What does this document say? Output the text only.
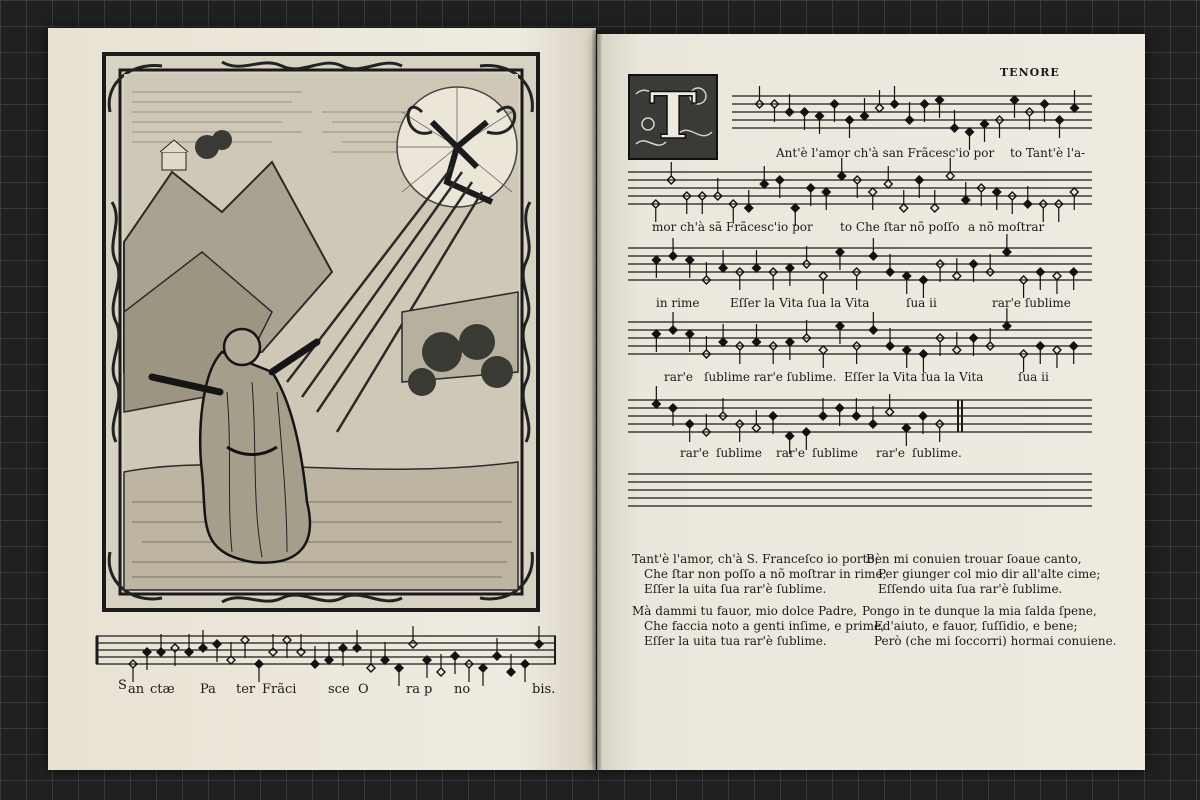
S an ctæ Pa ter Frãci sce O	ra p no	bis.
TENORE
T	Ant'è l'amor ch'à san Frãcesc'io por to Tant'è l'a-
mor ch'à sã Frãcesc'io por to Che ſtar nõ poſſo a nõ moſtrar
in rime	Eſſer la Vita ſua la Vita	ſua ii	rar'e ſublime
rar'e ſublime rar'e ſublime. Eſſer la Vita ſua la Vita	ſua ii
rar'e ſublime rar'e ſublime rar'e ſublime.
Tant'è l'amor, ch'à S. Franceſco io porto;
Che ſtar non poſſo a nõ moſtrar in rime,
Eſſer la uita ſua rar'è ſublime.
Bèn mi conuien trouar ſoaue canto,
Per giunger col mio dir all'alte cime;
Eſſendo uita ſua rar'è ſublime.
Mà dammi tu fauor, mio dolce Padre,
Che faccia noto a genti inſime, e prime,
Eſſer la uita tua rar'è ſublime.
Pongo in te dunque la mia ſalda ſpene,
Ed'aiuto, e fauor, ſuſſidio, e bene;
Però (che mi ſoccorri) hormai conuiene.
